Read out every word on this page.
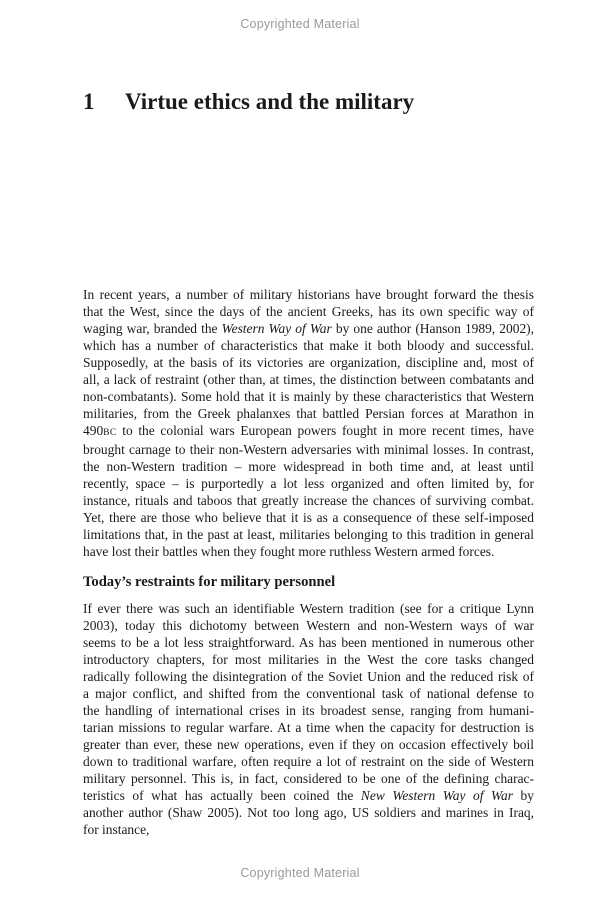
Copyrighted Material
1 Virtue ethics and the military
In recent years, a number of military historians have brought forward the thesis
that the West, since the days of the ancient Greeks, has its own specific way of
waging war, branded the Western Way of War by one author (Hanson 1989, 2002),
which has a number of characteristics that make it both bloody and successful.
Supposedly, at the basis of its victories are organization, discipline and, most of
all, a lack of restraint (other than, at times, the distinction between combatants and
non-combatants). Some hold that it is mainly by these characteristics that Western
militaries, from the Greek phalanxes that battled Persian forces at Marathon in
490BC to the colonial wars European powers fought in more recent times, have
brought carnage to their non-Western adversaries with minimal losses. In contrast,
the non-Western tradition – more widespread in both time and, at least until
recently, space – is purportedly a lot less organized and often limited by, for
instance, rituals and taboos that greatly increase the chances of surviving combat.
Yet, there are those who believe that it is as a consequence of these self-imposed
limitations that, in the past at least, militaries belonging to this tradition in general
have lost their battles when they fought more ruthless Western armed forces.
Today’s restraints for military personnel
If ever there was such an identifiable Western tradition (see for a critique Lynn
2003), today this dichotomy between Western and non-Western ways of war
seems to be a lot less straightforward. As has been mentioned in numerous other
introductory chapters, for most militaries in the West the core tasks changed
radically following the disintegration of the Soviet Union and the reduced risk of
a major conflict, and shifted from the conventional task of national defense to
the handling of international crises in its broadest sense, ranging from humani-
tarian missions to regular warfare. At a time when the capacity for destruction is
greater than ever, these new operations, even if they on occasion effectively boil
down to traditional warfare, often require a lot of restraint on the side of Western
military personnel. This is, in fact, considered to be one of the defining charac-
teristics of what has actually been coined the New Western Way of War by
another author (Shaw 2005). Not too long ago, US soldiers and marines in Iraq,
for instance,
Copyrighted Material
